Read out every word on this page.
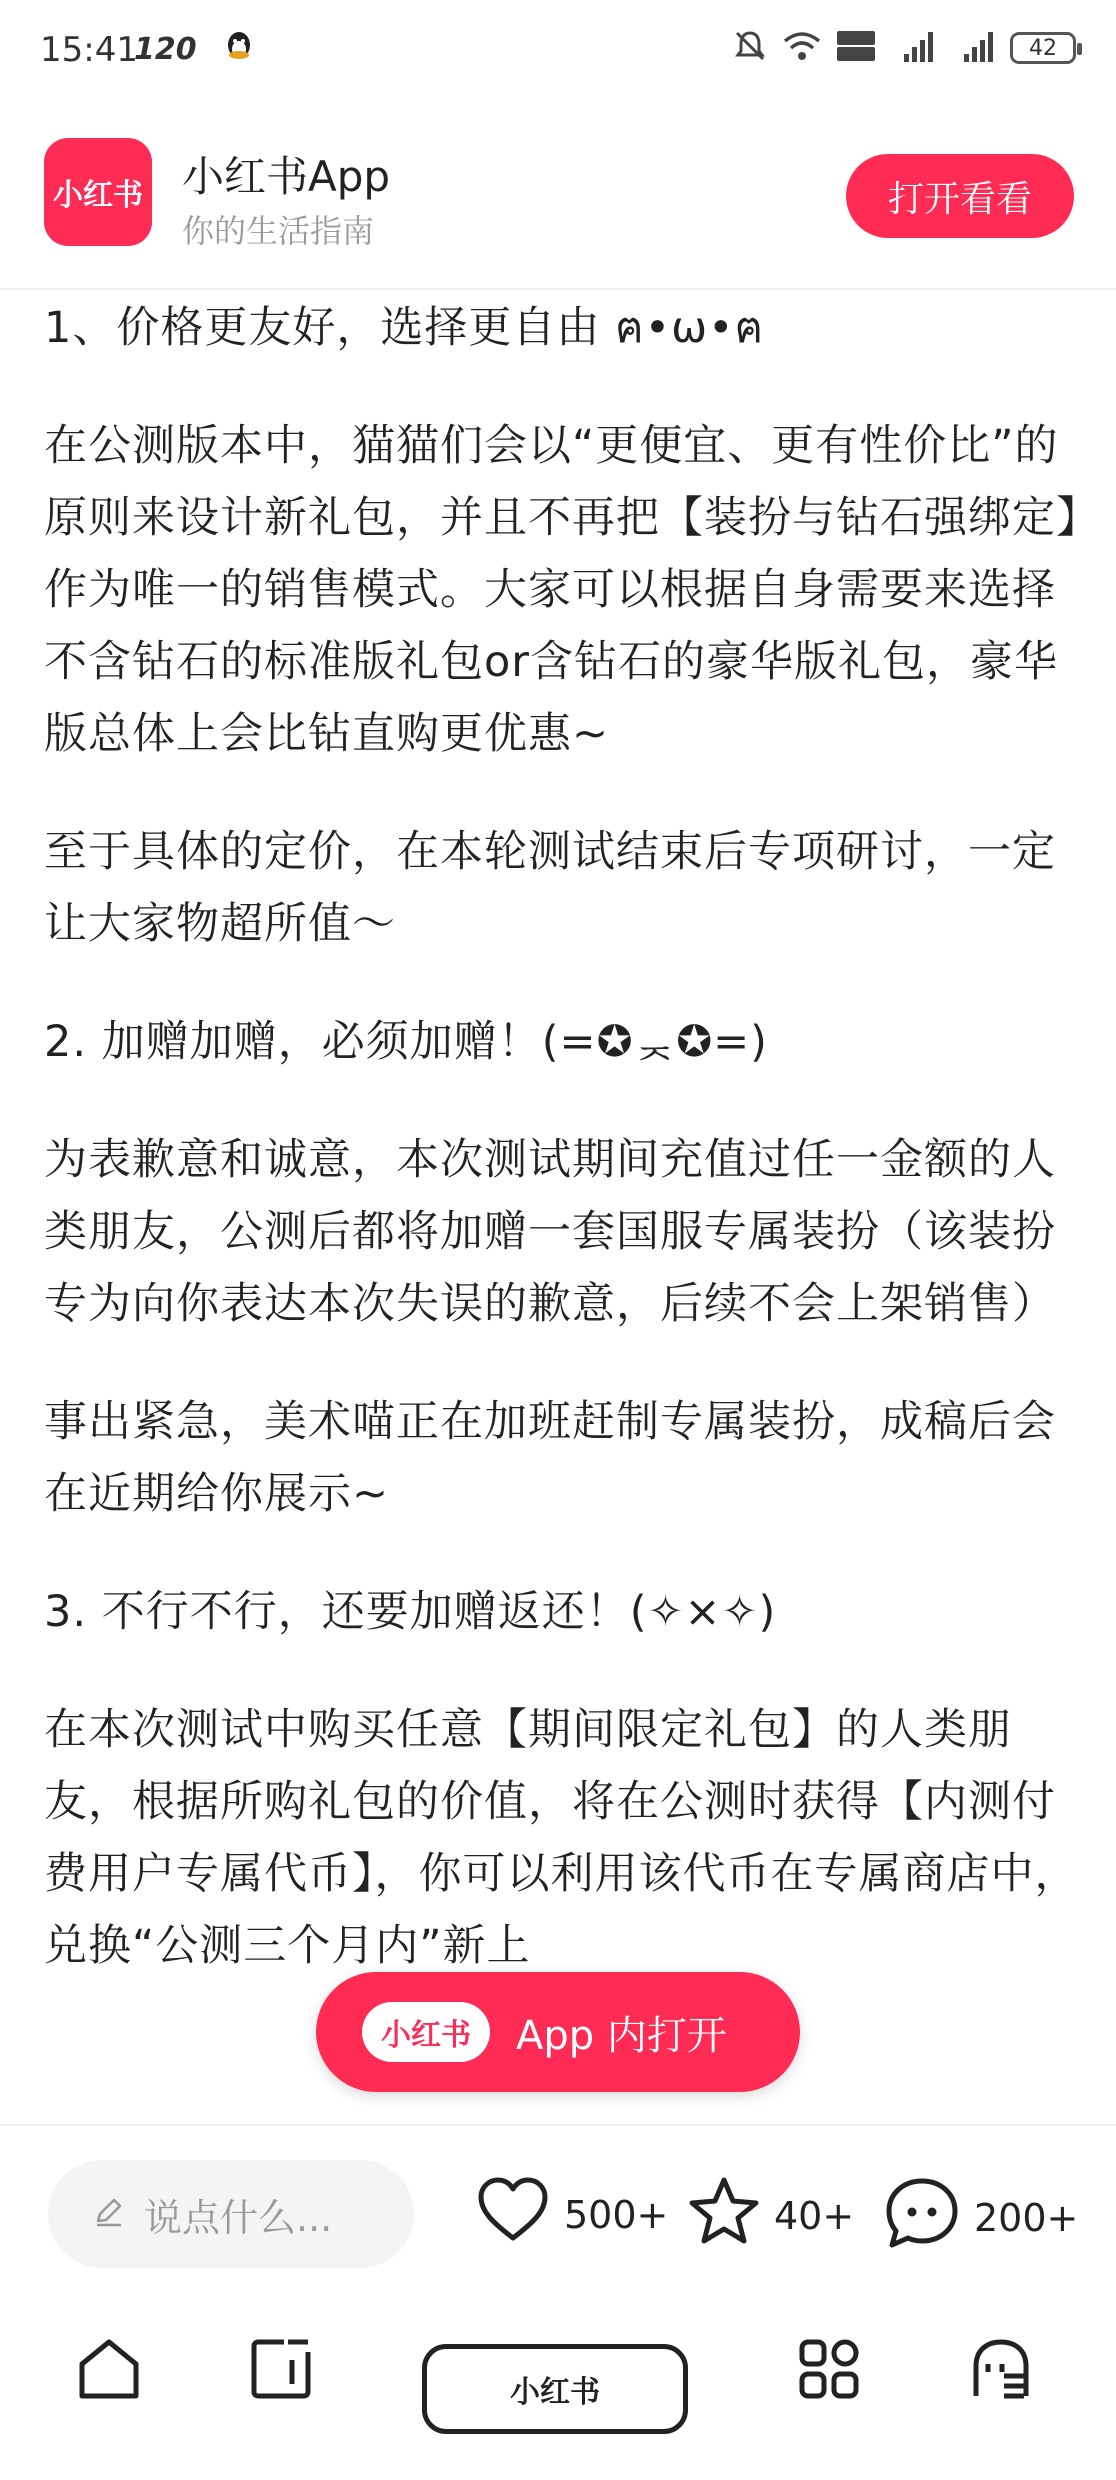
15:41
120	42
小红书 小红书App
你的生活指南
打开看看

1、价格更友好，选择更自由 ฅ•ω•ฅ

在公测版本中，猫猫们会以“更便宜、更有性价比”的原则来设计新礼包，并且不再把【装扮与钻石强绑定】作为唯一的销售模式。大家可以根据自身需要来选择不含钻石的标准版礼包or含钻石的豪华版礼包，豪华版总体上会比钻直购更优惠~

至于具体的定价，在本轮测试结束后专项研讨，一定让大家物超所值～

2. 加赠加赠，必须加赠！(=✪ᆽ✪=)

为表歉意和诚意，本次测试期间充值过任一金额的人类朋友，公测后都将加赠一套国服专属装扮（该装扮专为向你表达本次失误的歉意，后续不会上架销售）

事出紧急，美术喵正在加班赶制专属装扮，成稿后会在近期给你展示~

3. 不行不行，还要加赠返还！(✧×✧)

在本次测试中购买任意【期间限定礼包】的人类朋友，根据所购礼包的价值，将在公测时获得【内测付费用户专属代币】，你可以利用该代币在专属商店中，兑换“公测三个月内”新上

小红书	App 内打开
说点什么...	500+	40+	200+
小红书
